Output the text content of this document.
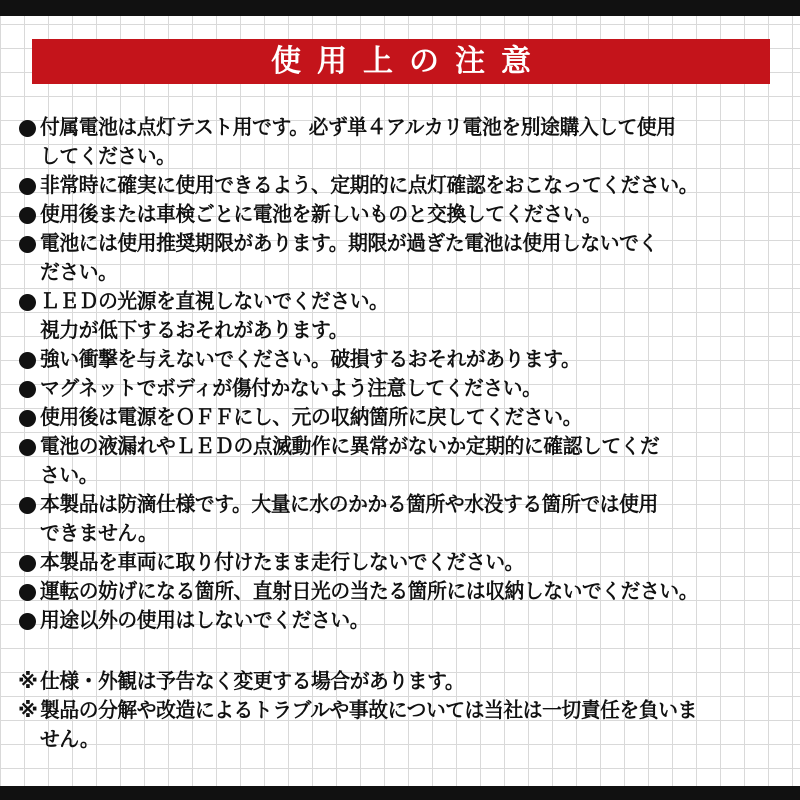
使用上の注意
付属電池は点灯テスト用です。必ず単４アルカリ電池を別途購入して使用
してください。
非常時に確実に使用できるよう、定期的に点灯確認をおこなってください。
使用後または車検ごとに電池を新しいものと交換してください。
電池には使用推奨期限があります。期限が過ぎた電池は使用しないでく
ださい。
ＬＥＤの光源を直視しないでください。
視力が低下するおそれがあります。
強い衝撃を与えないでください。破損するおそれがあります。
マグネットでボディが傷付かないよう注意してください。
使用後は電源をＯＦＦにし、元の収納箇所に戻してください。
電池の液漏れやＬＥＤの点滅動作に異常がないか定期的に確認してくだ
さい。
本製品は防滴仕様です。大量に水のかかる箇所や水没する箇所では使用
できません。
本製品を車両に取り付けたまま走行しないでください。
運転の妨げになる箇所、直射日光の当たる箇所には収納しないでください。
用途以外の使用はしないでください。
※ 仕様・外観は予告なく変更する場合があります。
※ 製品の分解や改造によるトラブルや事故については当社は一切責任を負いま
せん。
